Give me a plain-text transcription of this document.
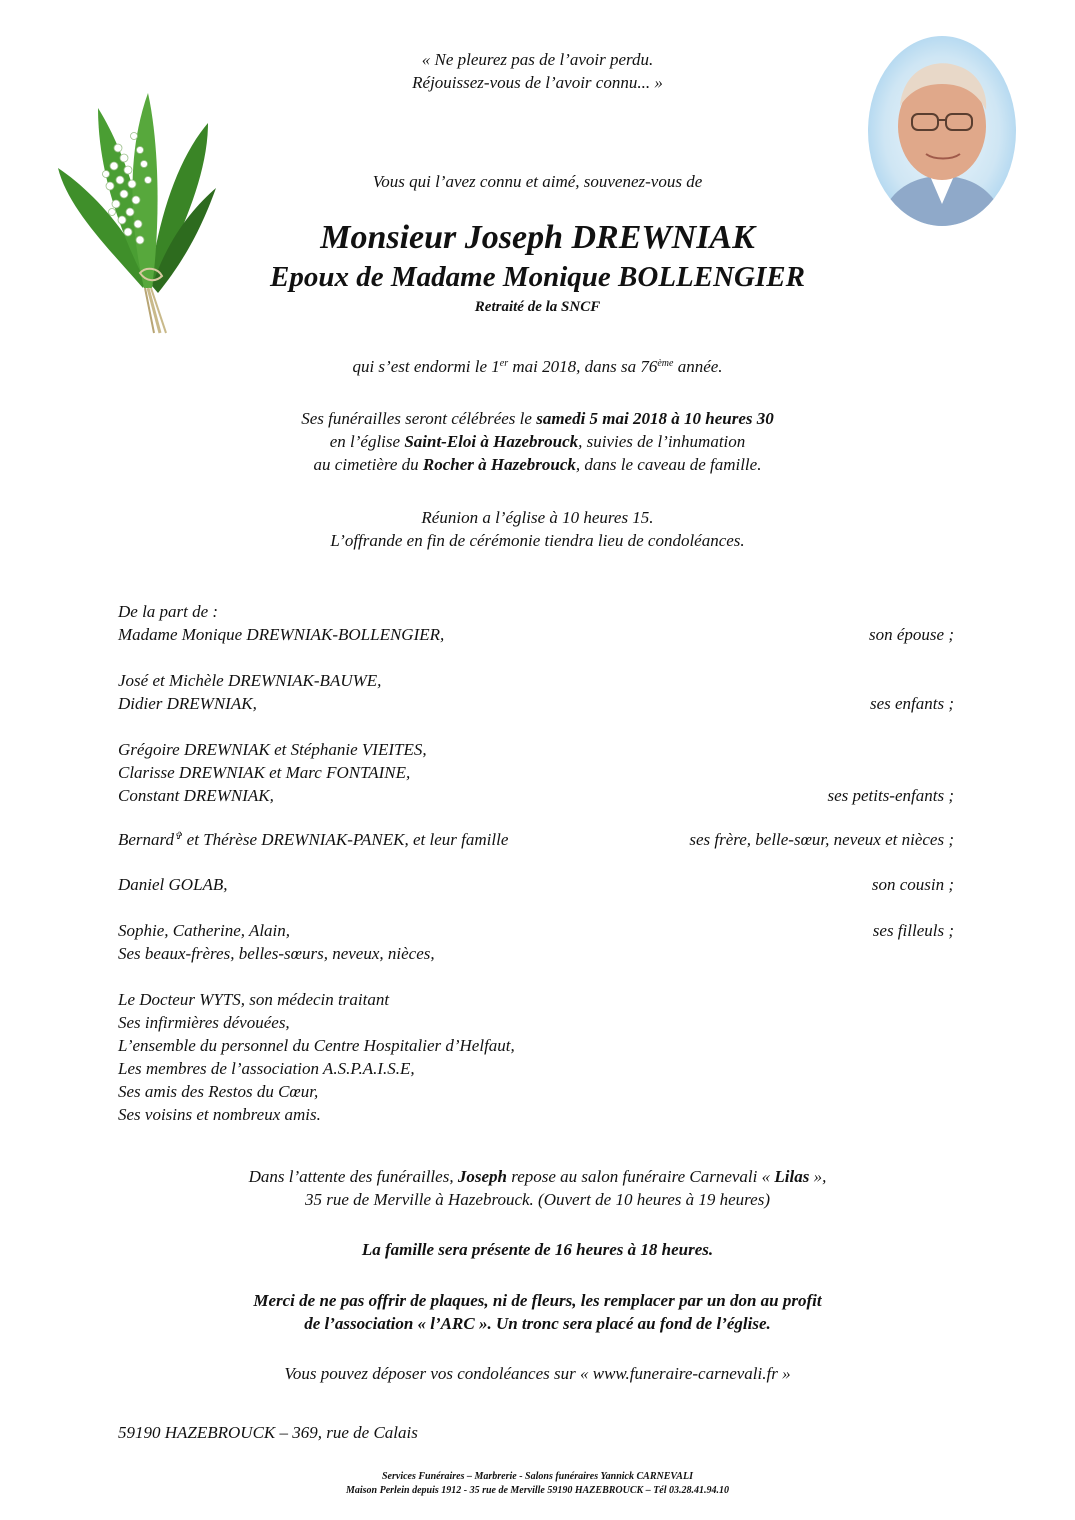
« Ne pleurez pas de l’avoir perdu.
Réjouissez-vous de l’avoir connu... »
Vous qui l’avez connu et aimé, souvenez-vous de
Monsieur Joseph DREWNIAK
Epoux de Madame Monique BOLLENGIER
Retraité de la SNCF
qui s’est endormi le 1er mai 2018, dans sa 76ème année.
Ses funérailles seront célébrées le samedi 5 mai 2018 à 10 heures 30
en l’église Saint-Eloi à Hazebrouck, suivies de l’inhumation
au cimetière du Rocher à Hazebrouck, dans le caveau de famille.
Réunion a l’église à 10 heures 15.
L’offrande en fin de cérémonie tiendra lieu de condoléances.
De la part de :
Madame Monique DREWNIAK-BOLLENGIER,	son épouse ;
José et Michèle DREWNIAK-BAUWE,
Didier DREWNIAK,	ses enfants ;
Grégoire DREWNIAK et Stéphanie VIEITES,
Clarisse DREWNIAK et Marc FONTAINE,
Constant DREWNIAK,	ses petits-enfants ;
Bernard✞ et Thérèse DREWNIAK-PANEK, et leur famille	ses frère, belle-sœur, neveux et nièces ;
Daniel GOLAB,	son cousin ;
Sophie, Catherine, Alain,	ses filleuls ;
Ses beaux-frères, belles-sœurs, neveux, nièces,
Le Docteur WYTS, son médecin traitant
Ses infirmières dévouées,
L’ensemble du personnel du Centre Hospitalier d’Helfaut,
Les membres de l’association A.S.P.A.I.S.E,
Ses amis des Restos du Cœur,
Ses voisins et nombreux amis.
Dans l’attente des funérailles, Joseph repose au salon funéraire Carnevali « Lilas »,
35 rue de Merville à Hazebrouck. (Ouvert de 10 heures à 19 heures)
La famille sera présente de 16 heures à 18 heures.
Merci de ne pas offrir de plaques, ni de fleurs, les remplacer par un don au profit
de l’association « l’ARC ». Un tronc sera placé au fond de l’église.
Vous pouvez déposer vos condoléances sur « www.funeraire-carnevali.fr »
59190 HAZEBROUCK – 369, rue de Calais
Services Funéraires – Marbrerie - Salons funéraires Yannick CARNEVALI
Maison Perlein depuis 1912 - 35 rue de Merville 59190 HAZEBROUCK – Tél 03.28.41.94.10
